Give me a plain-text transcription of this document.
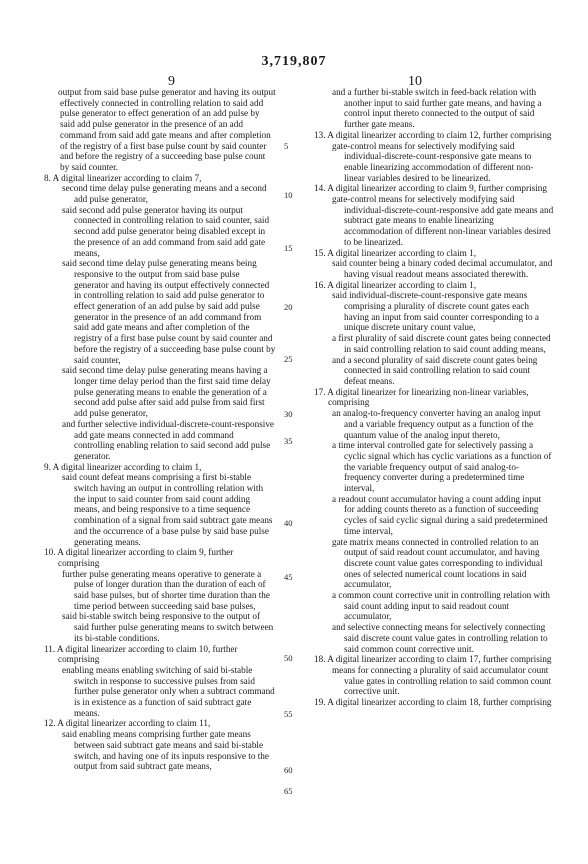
3,719,807
9	10

output from said base pulse generator and having its output effectively connected in controlling relation to said add pulse generator to effect generation of an add pulse by said add pulse generator in the presence of an add command from said add gate means and after completion of the registry of a first base pulse count by said counter and before the registry of a succeeding base pulse count by said counter.

8. A digital linearizer according to claim 7,

second time delay pulse generating means and a second add pulse generator,

said second add pulse generator having its output connected in controlling relation to said counter, said second add pulse generator being disabled except in the presence of an add command from said add gate means,

said second time delay pulse generating means being responsive to the output from said base pulse generator and having its output effectively connected in controlling relation to said add pulse generator to effect generation of an add pulse by said add pulse generator in the presence of an add command from said add gate means and after completion of the registry of a first base pulse count by said counter and before the registry of a succeeding base pulse count by said counter,

said second time delay pulse generating means having a longer time delay period than the first said time delay pulse generating means to enable the generation of a second add pulse after said add pulse from said first add pulse generator,

and further selective individual-discrete-count-responsive add gate means connected in add command controlling enabling relation to said second add pulse generator.

9. A digital linearizer according to claim 1,

said count defeat means comprising a first bi-stable switch having an output in controlling relation with the input to said counter from said count adding means, and being responsive to a time sequence combination of a signal from said subtract gate means and the occurrence of a base pulse by said base pulse generating means.

10. A digital linearizer according to claim 9, further comprising

further pulse generating means operative to generate a pulse of longer duration than the duration of each of said base pulses, but of shorter time duration than the time period between succeeding said base pulses,

said bi-stable switch being responsive to the output of said further pulse generating means to switch between its bi-stable conditions.

11. A digital linearizer according to claim 10, further comprising

enabling means enabling switching of said bi-stable switch in response to successive pulses from said further pulse generator only when a subtract command is in existence as a function of said subtract gate means.

12. A digital linearizer according to claim 11,

said enabling means comprising further gate means between said subtract gate means and said bi-stable switch, and having one of its inputs responsive to the output from said subtract gate means,

and a further bi-stable switch in feed-back relation with another input to said further gate means, and having a control input thereto connected to the output of said further gate means.

13. A digital linearizer according to claim 12, further comprising

gate-control means for selectively modifying said individual-discrete-count-responsive gate means to enable linearizing accommodation of different non-linear variables desired to be linearized.

14. A digital linearizer according to claim 9, further comprising

gate-control means for selectively modifying said individual-discrete-count-responsive add gate means and subtract gate means to enable linearizing accommodation of different non-linear variables desired to be linearized.

15. A digital linearizer according to claim 1,

said counter being a binary coded decimal accumulator, and having visual readout means associated therewith.

16. A digital linearizer according to claim 1,

said individual-discrete-count-responsive gate means comprising a plurality of discrete count gates each having an input from said counter corresponding to a unique discrete unitary count value,

a first plurality of said discrete count gates being connected in said controlling relation to said count adding means,

and a second plurality of said discrete count gates being connected in said controlling relation to said count defeat means.

17. A digital linearizer for linearizing non-linear variables, comprising

an analog-to-frequency converter having an analog input and a variable frequency output as a function of the quantum value of the analog input thereto,

a time interval controlled gate for selectively passing a cyclic signal which has cyclic variations as a function of the variable frequency output of said analog-to-frequency converter during a predetermined time interval,

a readout count accumulator having a count adding input for adding counts thereto as a function of succeeding cycles of said cyclic signal during a said predetermined time interval,

gate matrix means connected in controlled relation to an output of said readout count accumulator, and having discrete count value gates corresponding to individual ones of selected numerical count locations in said accumulator,

a common count corrective unit in controlling relation with said count adding input to said readout count accumulator,

and selective connecting means for selectively connecting said discrete count value gates in controlling relation to said common count corrective unit.

18. A digital linearizer according to claim 17, further comprising

means for connecting a plurality of said accumulator count value gates in controlling relation to said common count corrective unit.

19. A digital linearizer according to claim 18, further comprising

5
10
15
20
25
30
35
40
45
50
55
60
65
